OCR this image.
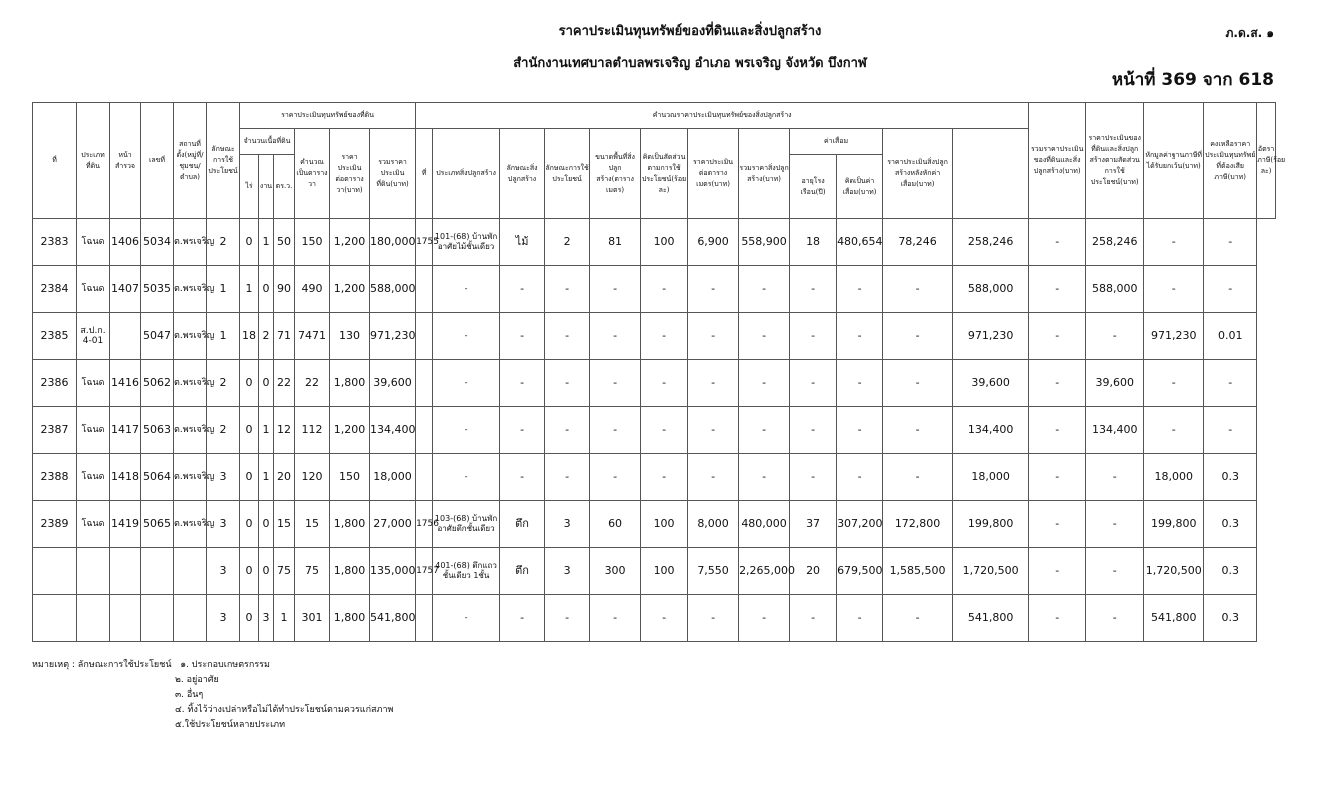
ราคาประเมินทุนทรัพย์ของที่ดินและสิ่งปลูกสร้าง
สำนักงานเทศบาลตำบลพรเจริญ อำเภอ พรเจริญ จังหวัด บึงกาฬ
ภ.ด.ส. ๑
หน้าที่ 369 จาก 618
ที่	ประเภทที่ดิน	หน้าสำรวจ	เลขที่	สถานที่ตั้ง(หมู่ที่/ชุมชน/ตำบล)	ลักษณะการใช้ประโยชน์	ราคาประเมินทุนทรัพย์ของที่ดิน						คำนวณราคาประเมินทุนทรัพย์ของสิ่งปลูกสร้าง												รวมราคาประเมินของที่ดินและสิ่งปลูกสร้าง(บาท)	ราคาประเมินของที่ดินและสิ่งปลูกสร้างตามสัดส่วนการใช้ประโยชน์(บาท)	หักมูลค่าฐานภาษีที่ได้รับยกเว้น(บาท)	คงเหลือราคาประเมินทุนทรัพย์ที่ต้องเสียภาษี(บาท)	อัตราภาษี(ร้อยละ)
						จำนวนเนื้อที่ดิน			คำนวณเป็นตารางวา	ราคาประเมินต่อตารางวา(บาท)	รวมราคาประเมินที่ดิน(บาท)	ที่	ประเภทสิ่งปลูกสร้าง	ลักษณะสิ่งปลูกสร้าง	ลักษณะการใช้ประโยชน์	ขนาดพื้นที่สิ่งปลูกสร้าง(ตารางเมตร)	คิดเป็นสัดส่วนตามการใช้ประโยชน์(ร้อยละ)	ราคาประเมินต่อตารางเมตร(บาท)	รวมราคาสิ่งปลูกสร้าง(บาท)	ค่าเสื่อม		ราคาประเมินสิ่งปลูกสร้างหลังหักค่าเสื่อม(บาท)						
						ไร่	งาน	ตร.ว.												อายุโรงเรือน(ปี)	คิดเป็นค่าเสื่อม(บาท)							
2383	โฉนด	1406	5034	ต.พรเจริญ	2	0	1	50	150	1,200	180,000	1755	101-(68) บ้านพักอาศัยไม้ชั้นเดียว	ไม้	2	81	100	6,900	558,900	18	480,654	78,246	258,246	-	258,246	-	-	
2384	โฉนด	1407	5035	ต.พรเจริญ	1	1	0	90	490	1,200	588,000		-	-	-	-	-	-	-	-	-	-	588,000	-	588,000	-	-	
2385	ส.ป.ก. 4-01		5047	ต.พรเจริญ	1	18	2	71	7471	130	971,230		-	-	-	-	-	-	-	-	-	-	971,230	-	-	971,230	0.01	
2386	โฉนด	1416	5062	ต.พรเจริญ	2	0	0	22	22	1,800	39,600		-	-	-	-	-	-	-	-	-	-	39,600	-	39,600	-	-	
2387	โฉนด	1417	5063	ต.พรเจริญ	2	0	1	12	112	1,200	134,400		-	-	-	-	-	-	-	-	-	-	134,400	-	134,400	-	-	
2388	โฉนด	1418	5064	ต.พรเจริญ	3	0	1	20	120	150	18,000		-	-	-	-	-	-	-	-	-	-	18,000	-	-	18,000	0.3	
2389	โฉนด	1419	5065	ต.พรเจริญ	3	0	0	15	15	1,800	27,000	1756	103-(68) บ้านพักอาศัยตึกชั้นเดียว	ตึก	3	60	100	8,000	480,000	37	307,200	172,800	199,800	-	-	199,800	0.3	
					3	0	0	75	75	1,800	135,000	1757	401-(68) ตึกแถวชั้นเดียว 1ชั้น	ตึก	3	300	100	7,550	2,265,000	20	679,500	1,585,500	1,720,500	-	-	1,720,500	0.3	
					3	0	3	1	301	1,800	541,800		-	-	-	-	-	-	-	-	-	-	541,800	-	-	541,800	0.3	
หมายเหตุ : ลักษณะการใช้ประโยชน์ ๑. ประกอบเกษตรกรรม
๒. อยู่อาศัย
๓. อื่นๆ
๔. ทิ้งไว้ว่างเปล่าหรือไม่ได้ทำประโยชน์ตามควรแก่สภาพ
๕.ใช้ประโยชน์หลายประเภท
